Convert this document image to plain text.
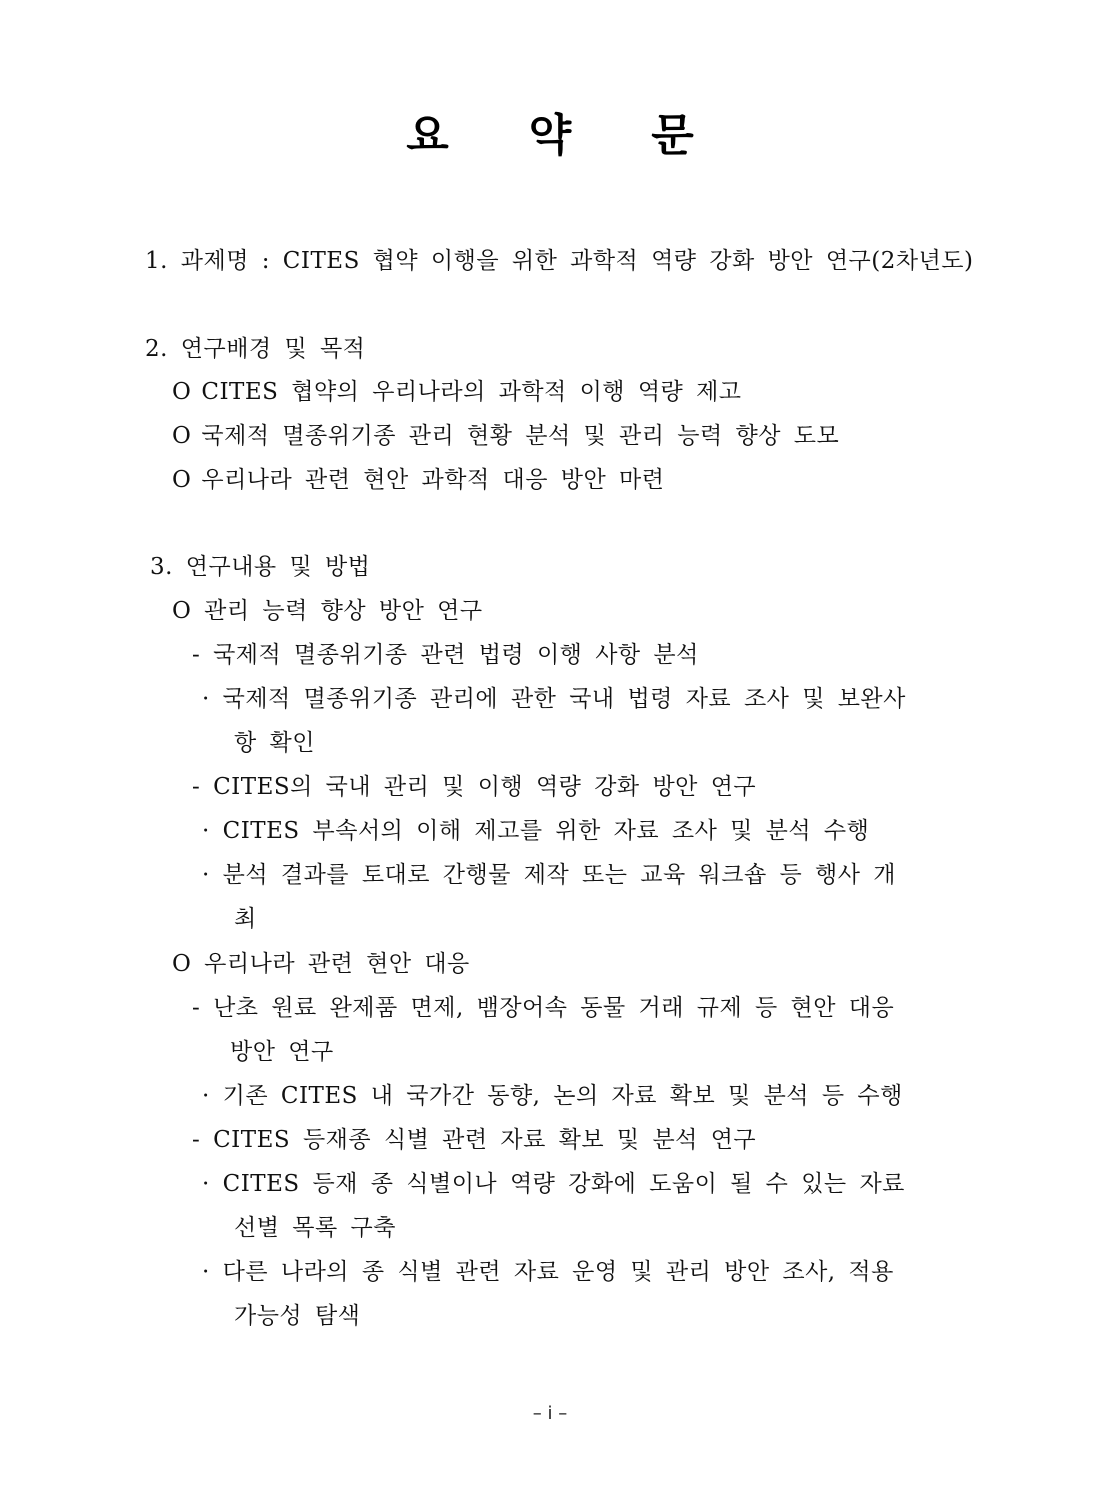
요 약 문
1. 과제명 : CITES 협약 이행을 위한 과학적 역량 강화 방안 연구(2차년도)
2. 연구배경 및 목적
O CITES 협약의 우리나라의 과학적 이행 역량 제고
O 국제적 멸종위기종 관리 현황 분석 및 관리 능력 향상 도모
O 우리나라 관련 현안 과학적 대응 방안 마련
3. 연구내용 및 방법
O 관리 능력 향상 방안 연구
- 국제적 멸종위기종 관련 법령 이행 사항 분석
· 국제적 멸종위기종 관리에 관한 국내 법령 자료 조사 및 보완사
항 확인
- CITES의 국내 관리 및 이행 역량 강화 방안 연구
· CITES 부속서의 이해 제고를 위한 자료 조사 및 분석 수행
· 분석 결과를 토대로 간행물 제작 또는 교육 워크숍 등 행사 개
최
O 우리나라 관련 현안 대응
- 난초 원료 완제품 면제, 뱀장어속 동물 거래 규제 등 현안 대응
방안 연구
· 기존 CITES 내 국가간 동향, 논의 자료 확보 및 분석 등 수행
- CITES 등재종 식별 관련 자료 확보 및 분석 연구
· CITES 등재 종 식별이나 역량 강화에 도움이 될 수 있는 자료
선별 목록 구축
· 다른 나라의 종 식별 관련 자료 운영 및 관리 방안 조사, 적용
가능성 탐색
– i –
